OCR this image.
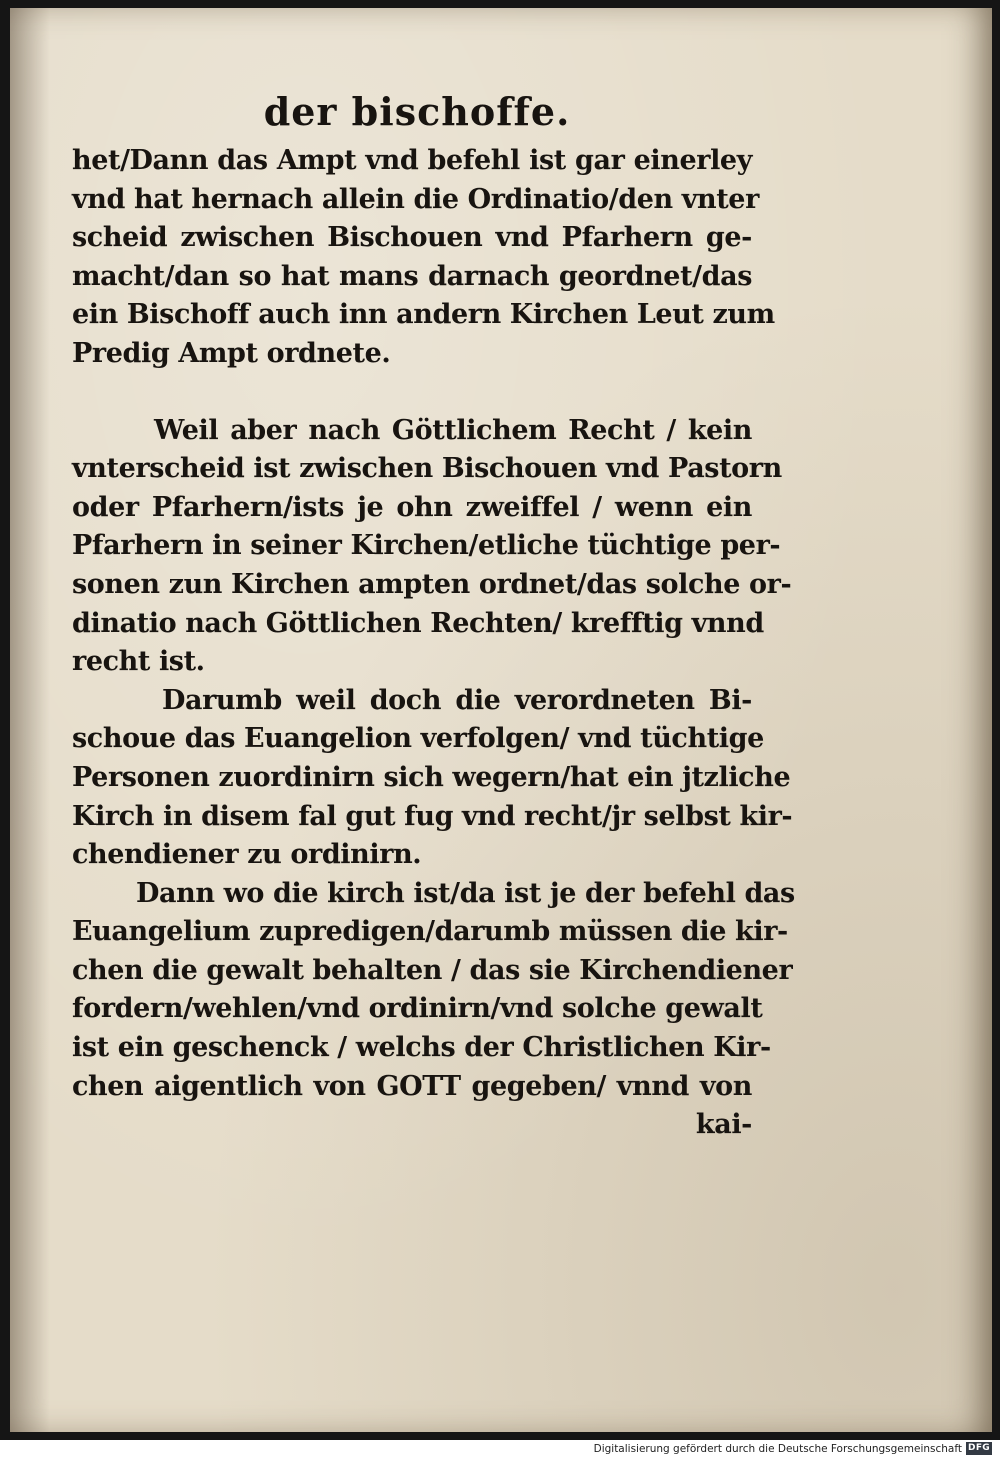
der bischoffe.
het/Dann das Ampt vnd befehl ist gar einerley
vnd hat hernach allein die Ordinatio/den vnter
scheid zwischen Bischouen vnd Pfarhern ge-
macht/dan so hat mans darnach geordnet/das
ein Bischoff auch inn andern Kirchen Leut zum
Predig Ampt ordnete.
Weil aber nach Göttlichem Recht / kein
vnterscheid ist zwischen Bischouen vnd Pastorn
oder Pfarhern/ists je ohn zweiffel / wenn ein
Pfarhern in seiner Kirchen/etliche tüchtige per-
sonen zun Kirchen ampten ordnet/das solche or-
dinatio nach Göttlichen Rechten/ krefftig vnnd
recht ist.
Darumb weil doch die verordneten Bi-
schoue das Euangelion verfolgen/ vnd tüchtige
Personen zuordinirn sich wegern/hat ein jtzliche
Kirch in disem fal gut fug vnd recht/jr selbst kir-
chendiener zu ordinirn.
Dann wo die kirch ist/da ist je der befehl das
Euangelium zupredigen/darumb müssen die kir-
chen die gewalt behalten / das sie Kirchendiener
fordern/wehlen/vnd ordinirn/vnd solche gewalt
ist ein geschenck / welchs der Christlichen Kir-
chen aigentlich von GOTT gegeben/ vnnd von
kai-
Digitalisierung gefördert durch die Deutsche Forschungsgemeinschaft DFG
